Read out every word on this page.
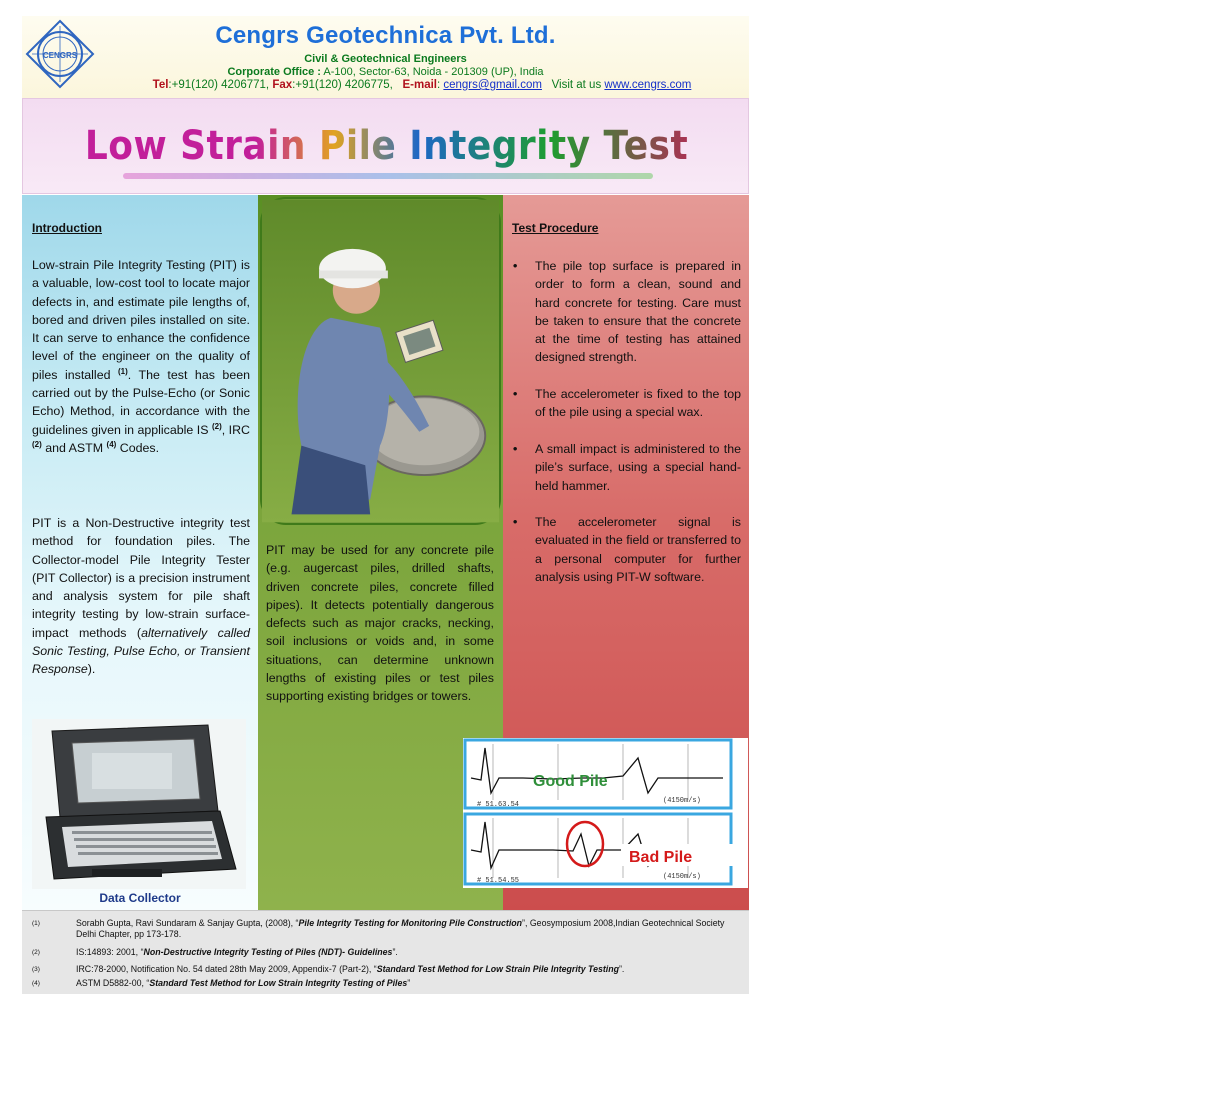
CENGRS
Cengrs Geotechnica Pvt. Ltd.
Civil & Geotechnical Engineers
Corporate Office : A-100, Sector-63, Noida - 201309 (UP), India
Tel:+91(120) 4206771, Fax:+91(120) 4206775, E-mail: cengrs@gmail.com Visit at us www.cengrs.com
Low Strain Pile Integrity Test
Introduction
Low-strain Pile Integrity Testing (PIT) is a valuable, low-cost tool to locate major defects in, and estimate pile lengths of, bored and driven piles installed on site. It can serve to enhance the confidence level of the engineer on the quality of piles installed $^{(1)}$. The test has been carried out by the Pulse-Echo (or Sonic Echo) Method, in accordance with the guidelines given in applicable IS $^{(2)}$, IRC $^{(2)}$ and ASTM $^{(4)}$ Codes.
PIT is a Non-Destructive integrity test method for foundation piles. The Collector-model Pile Integrity Tester (PIT Collector) is a precision instrument and analysis system for pile shaft integrity testing by low-strain surface-impact methods (alternatively called Sonic Testing, Pulse Echo, or Transient Response).
Data Collector
PIT may be used for any concrete pile (e.g. augercast piles, drilled shafts, driven concrete piles, concrete filled pipes). It detects potentially dangerous defects such as major cracks, necking, soil inclusions or voids and, in some situations, can determine unknown lengths of existing piles or test piles supporting existing bridges or towers.
Test Procedure
• The pile top surface is prepared in order to form a clean, sound and hard concrete for testing. Care must be taken to ensure that the concrete at the time of testing has attained designed strength.
• The accelerometer is fixed to the top of the pile using a special wax.
• A small impact is administered to the pile’s surface, using a special hand-held hammer.
• The accelerometer signal is evaluated in the field or transferred to a personal computer for further analysis using PIT-W software.
Typical PIT Results
Good Pile
# 51.63.54	(4150m/s)
Bad Pile
# 51.54.55	(4150m/s)
(1)	Sorabh Gupta, Ravi Sundaram & Sanjay Gupta, (2008), “Pile Integrity Testing for Monitoring Pile Construction”, Geosymposium 2008,Indian Geotechnical Society Delhi Chapter, pp 173-178.
(2)	IS:14893: 2001, “Non-Destructive Integrity Testing of Piles (NDT)- Guidelines”.
(3)	IRC:78-2000, Notification No. 54 dated 28th May 2009, Appendix-7 (Part-2), “Standard Test Method for Low Strain Pile Integrity Testing”.
(4)	ASTM D5882-00, “Standard Test Method for Low Strain Integrity Testing of Piles”
